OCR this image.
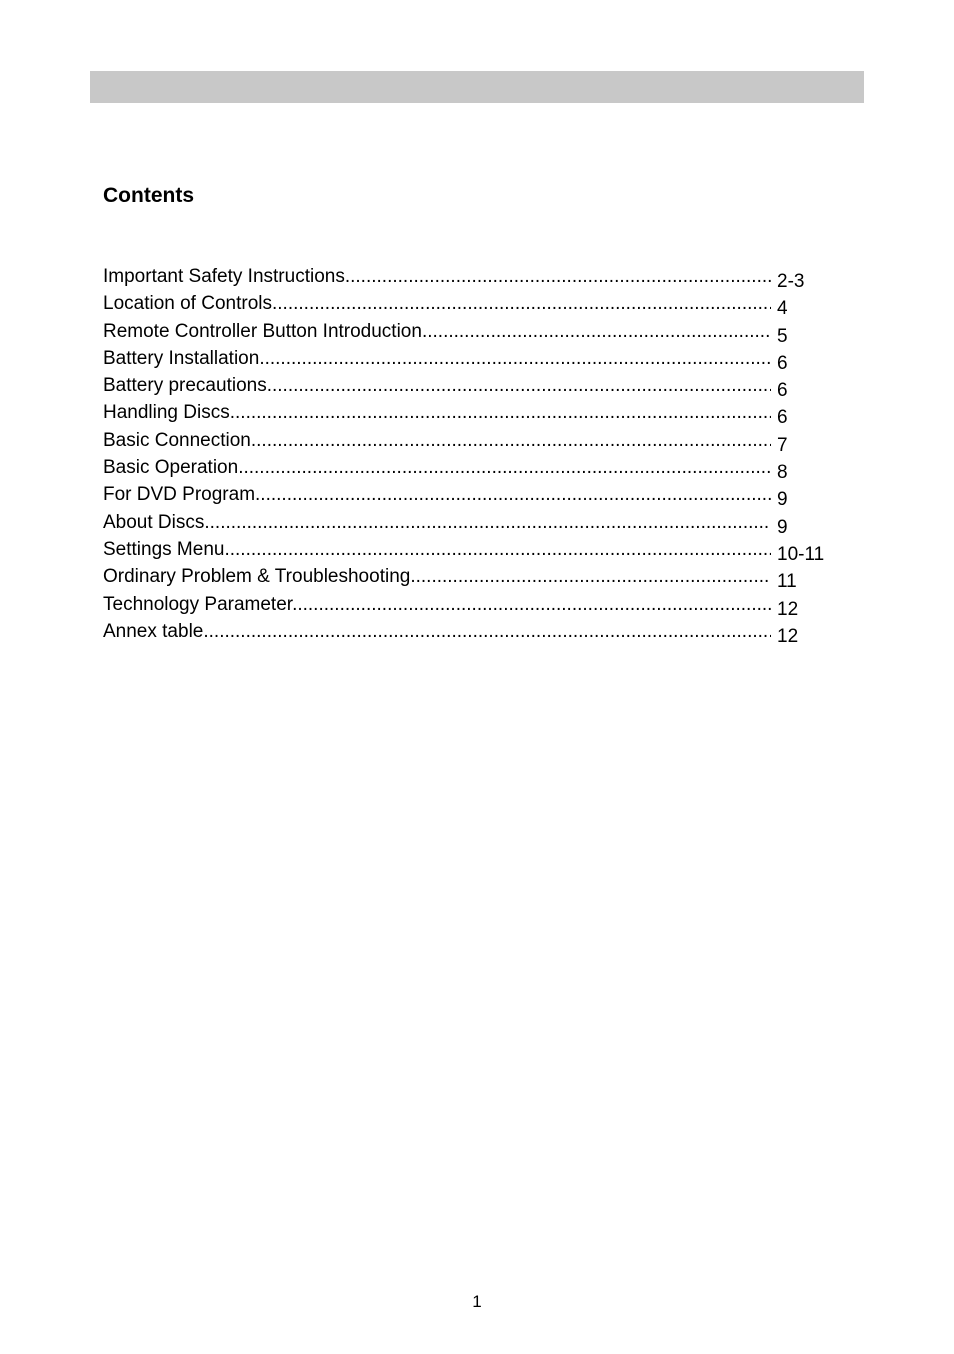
Contents
Important Safety Instructions .....	2-3
Location of Controls .....	4
Remote Controller Button Introduction .....	5
Battery Installation .....	6
Battery precautions .....	6
Handling Discs .....	6
Basic Connection .....	7
Basic Operation .....	8
For DVD Program .....	9
About Discs .....	9
Settings Menu .....	10-11
Ordinary Problem & Troubleshooting .....	11
Technology Parameter .....	12
Annex table .....	12
1
